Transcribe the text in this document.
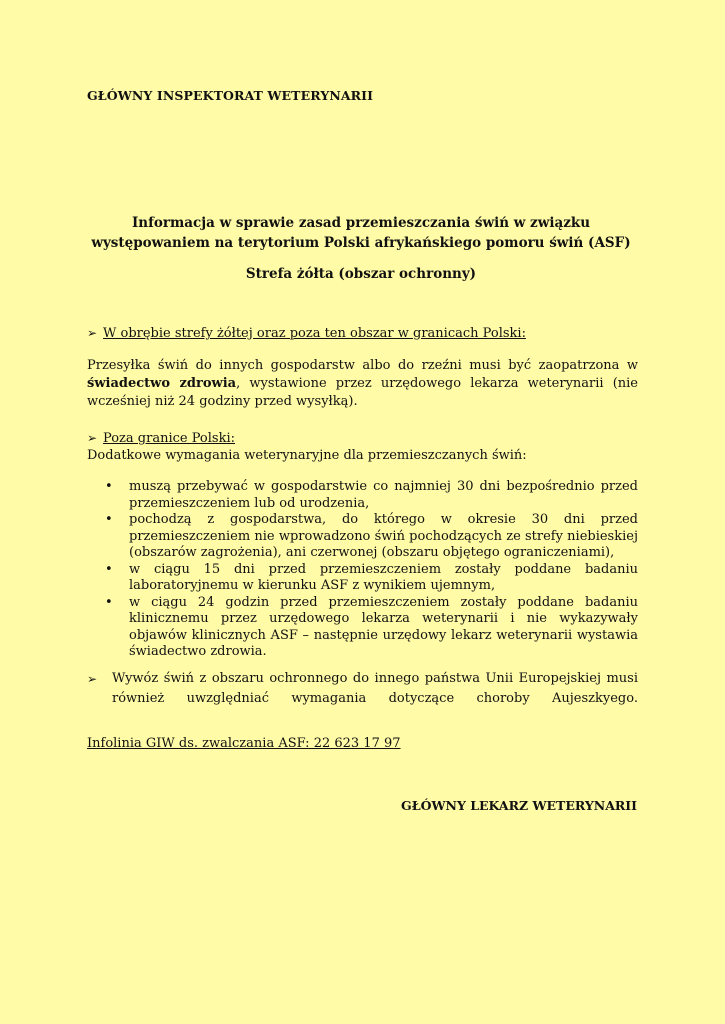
GŁÓWNY INSPEKTORAT WETERYNARII
Informacja w sprawie zasad przemieszczania świń w związku
występowaniem na terytorium Polski afrykańskiego pomoru świń (ASF)
Strefa żółta (obszar ochronny)
➢ W obrębie strefy żółtej oraz poza ten obszar w granicach Polski:
Przesyłka świń do innych gospodarstw albo do rzeźni musi być zaopatrzona w świadectwo zdrowia, wystawione przez urzędowego lekarza weterynarii (nie wcześniej niż 24 godziny przed wysyłką).
➢ Poza granice Polski:
Dodatkowe wymagania weterynaryjne dla przemieszczanych świń:
• muszą przebywać w gospodarstwie co najmniej 30 dni bezpośrednio przed przemieszczeniem lub od urodzenia,
• pochodzą z gospodarstwa, do którego w okresie 30 dni przed przemieszczeniem nie wprowadzono świń pochodzących ze strefy niebieskiej (obszarów zagrożenia), ani czerwonej (obszaru objętego ograniczeniami),
• w ciągu 15 dni przed przemieszczeniem zostały poddane badaniu laboratoryjnemu w kierunku ASF z wynikiem ujemnym,
• w ciągu 24 godzin przed przemieszczeniem zostały poddane badaniu klinicznemu przez urzędowego lekarza weterynarii i nie wykazywały objawów klinicznych ASF – następnie urzędowy lekarz weterynarii wystawia świadectwo zdrowia.
➢	Wywóz świń z obszaru ochronnego do innego państwa Unii Europejskiej musi również uwzględniać wymagania dotyczące choroby Aujeszkyego.
Infolinia GIW ds. zwalczania ASF: 22 623 17 97
GŁÓWNY LEKARZ WETERYNARII
